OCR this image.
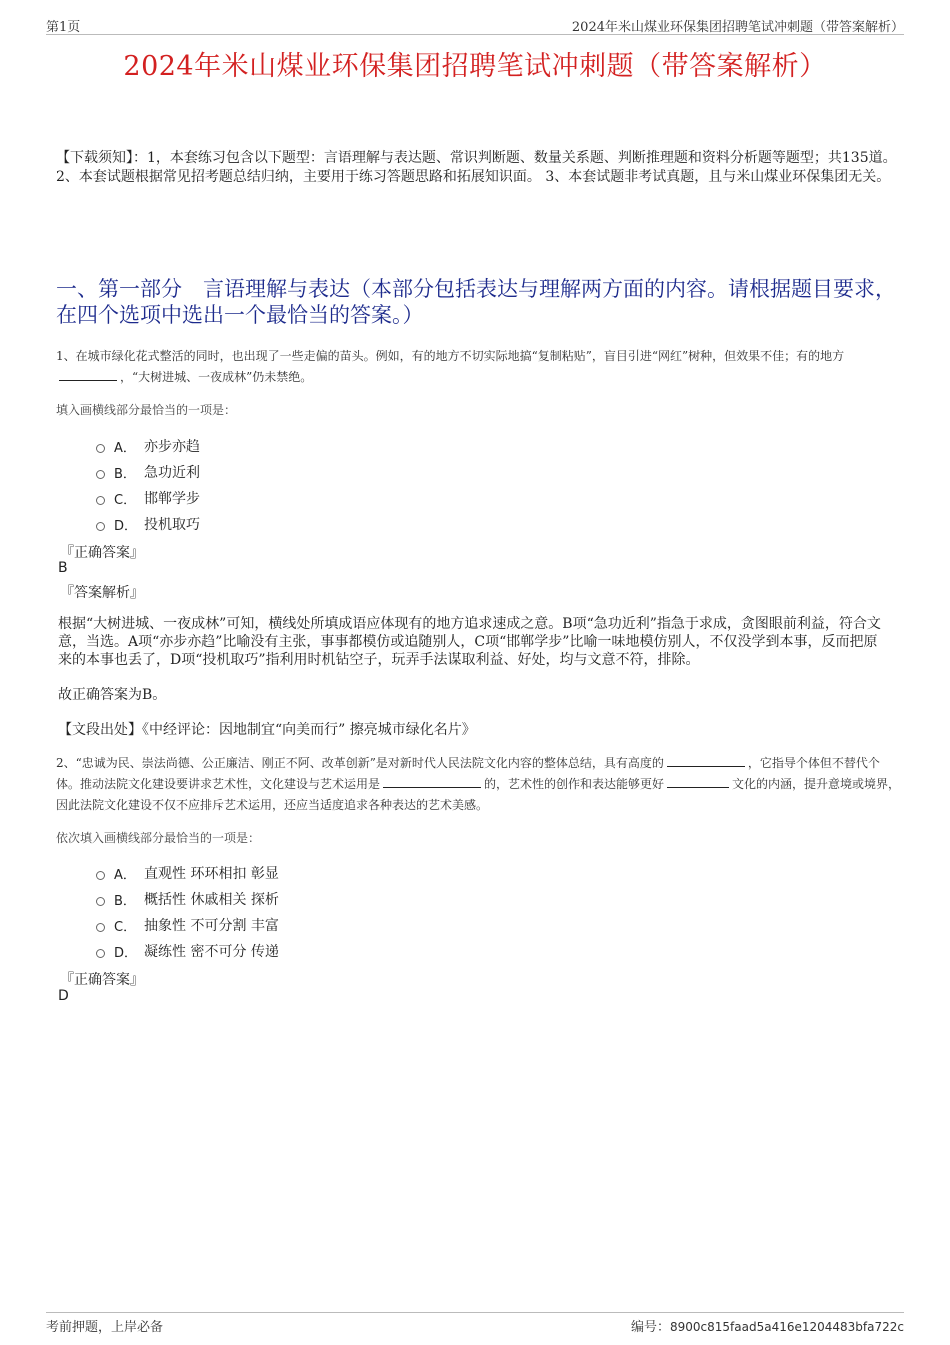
第1页	2024年米山煤业环保集团招聘笔试冲刺题（带答案解析）
2024年米山煤业环保集团招聘笔试冲刺题（带答案解析）
【下载须知】：1，本套练习包含以下题型：言语理解与表达题、常识判断题、数量关系题、判断推理题和资料分析题等题型；共135道。 2、本套试题根据常见招考题总结归纳，主要用于练习答题思路和拓展知识面。 3、本套试题非考试真题，且与米山煤业环保集团无关。
一、第一部分　言语理解与表达（本部分包括表达与理解两方面的内容。请根据题目要求，在四个选项中选出一个最恰当的答案。）
1、在城市绿化花式整活的同时，也出现了一些走偏的苗头。例如，有的地方不切实际地搞“复制粘贴”，盲目引进“网红”树种，但效果不佳；有的地方，“大树进城、一夜成林”仍未禁绝。
填入画横线部分最恰当的一项是：
A． 亦步亦趋
B． 急功近利
C． 邯郸学步
D． 投机取巧
『正确答案』
B
『答案解析』
根据“大树进城、一夜成林”可知，横线处所填成语应体现有的地方追求速成之意。B项“急功近利”指急于求成，贪图眼前利益，符合文意，当选。A项“亦步亦趋”比喻没有主张，事事都模仿或追随别人，C项“邯郸学步”比喻一味地模仿别人，不仅没学到本事，反而把原来的本事也丢了，D项“投机取巧”指利用时机钻空子，玩弄手法谋取利益、好处，均与文意不符，排除。
故正确答案为B。
【文段出处】《中经评论：因地制宜“向美而行” 擦亮城市绿化名片》
2、“忠诚为民、崇法尚德、公正廉洁、刚正不阿、改革创新”是对新时代人民法院文化内容的整体总结，具有高度的	，它指导个体但不替代个体。推动法院文化建设要讲求艺术性，文化建设与艺术运用是	的，艺术性的创作和表达能够更好	文化的内涵，提升意境或境界，因此法院文化建设不仅不应排斥艺术运用，还应当适度追求各种表达的艺术美感。
依次填入画横线部分最恰当的一项是：
A． 直观性 环环相扣 彰显
B． 概括性 休戚相关 探析
C． 抽象性 不可分割 丰富
D． 凝练性 密不可分 传递
『正确答案』
D
考前押题，上岸必备	编号：8900c815faad5a416e1204483bfa722c
